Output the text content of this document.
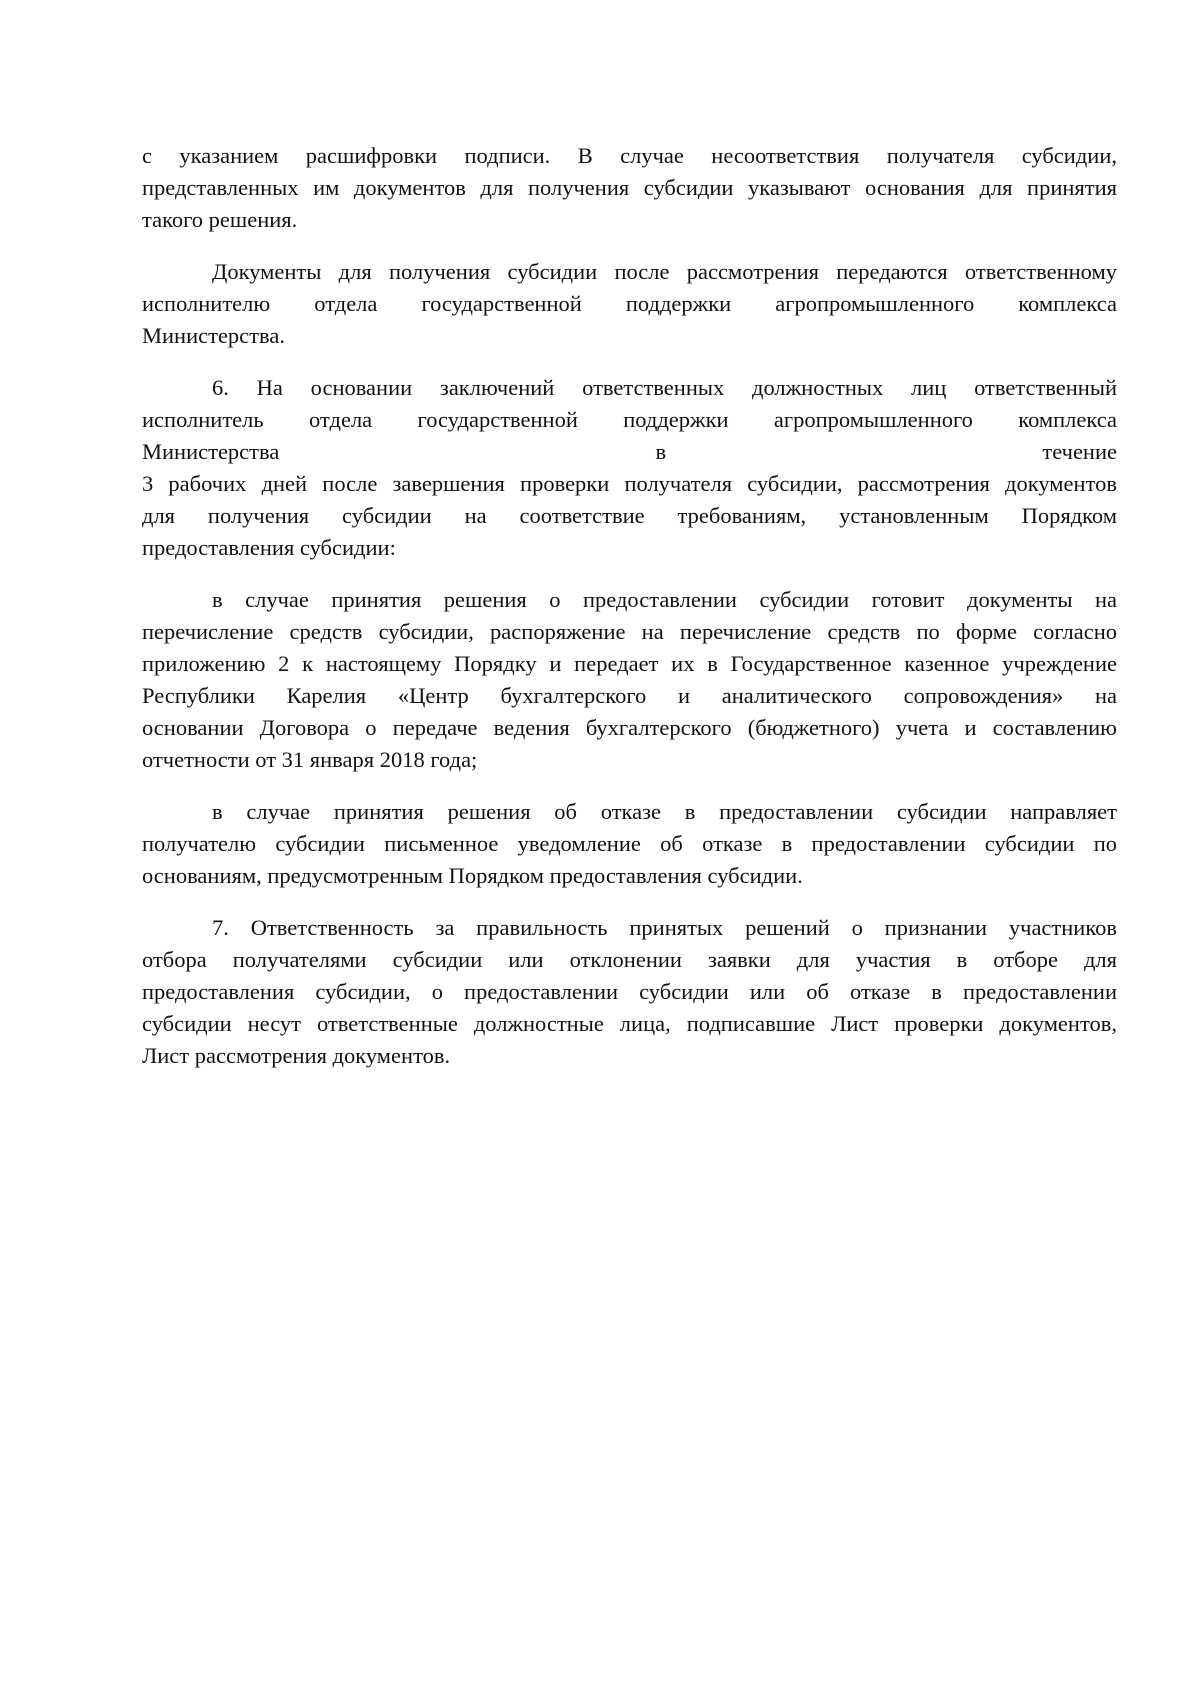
с указанием расшифровки подписи. В случае несоответствия получателя субсидии,
представленных им документов для получения субсидии указывают основания для принятия
такого решения.

Документы для получения субсидии после рассмотрения передаются ответственному
исполнителю отдела государственной поддержки агропромышленного комплекса
Министерства.

6. На основании заключений ответственных должностных лиц ответственный
исполнитель отдела государственной поддержки агропромышленного комплекса
Министерства в течение
3 рабочих дней после завершения проверки получателя субсидии, рассмотрения документов
для получения субсидии на соответствие требованиям, установленным Порядком
предоставления субсидии:

в случае принятия решения о предоставлении субсидии готовит документы на
перечисление средств субсидии, распоряжение на перечисление средств по форме согласно
приложению 2 к настоящему Порядку и передает их в Государственное казенное учреждение
Республики Карелия «Центр бухгалтерского и аналитического сопровождения» на
основании Договора о передаче ведения бухгалтерского (бюджетного) учета и составлению
отчетности от 31 января 2018 года;

в случае принятия решения об отказе в предоставлении субсидии направляет
получателю субсидии письменное уведомление об отказе в предоставлении субсидии по
основаниям, предусмотренным Порядком предоставления субсидии.

7. Ответственность за правильность принятых решений о признании участников
отбора получателями субсидии или отклонении заявки для участия в отборе для
предоставления субсидии, о предоставлении субсидии или об отказе в предоставлении
субсидии несут ответственные должностные лица, подписавшие Лист проверки документов,
Лист рассмотрения документов.
